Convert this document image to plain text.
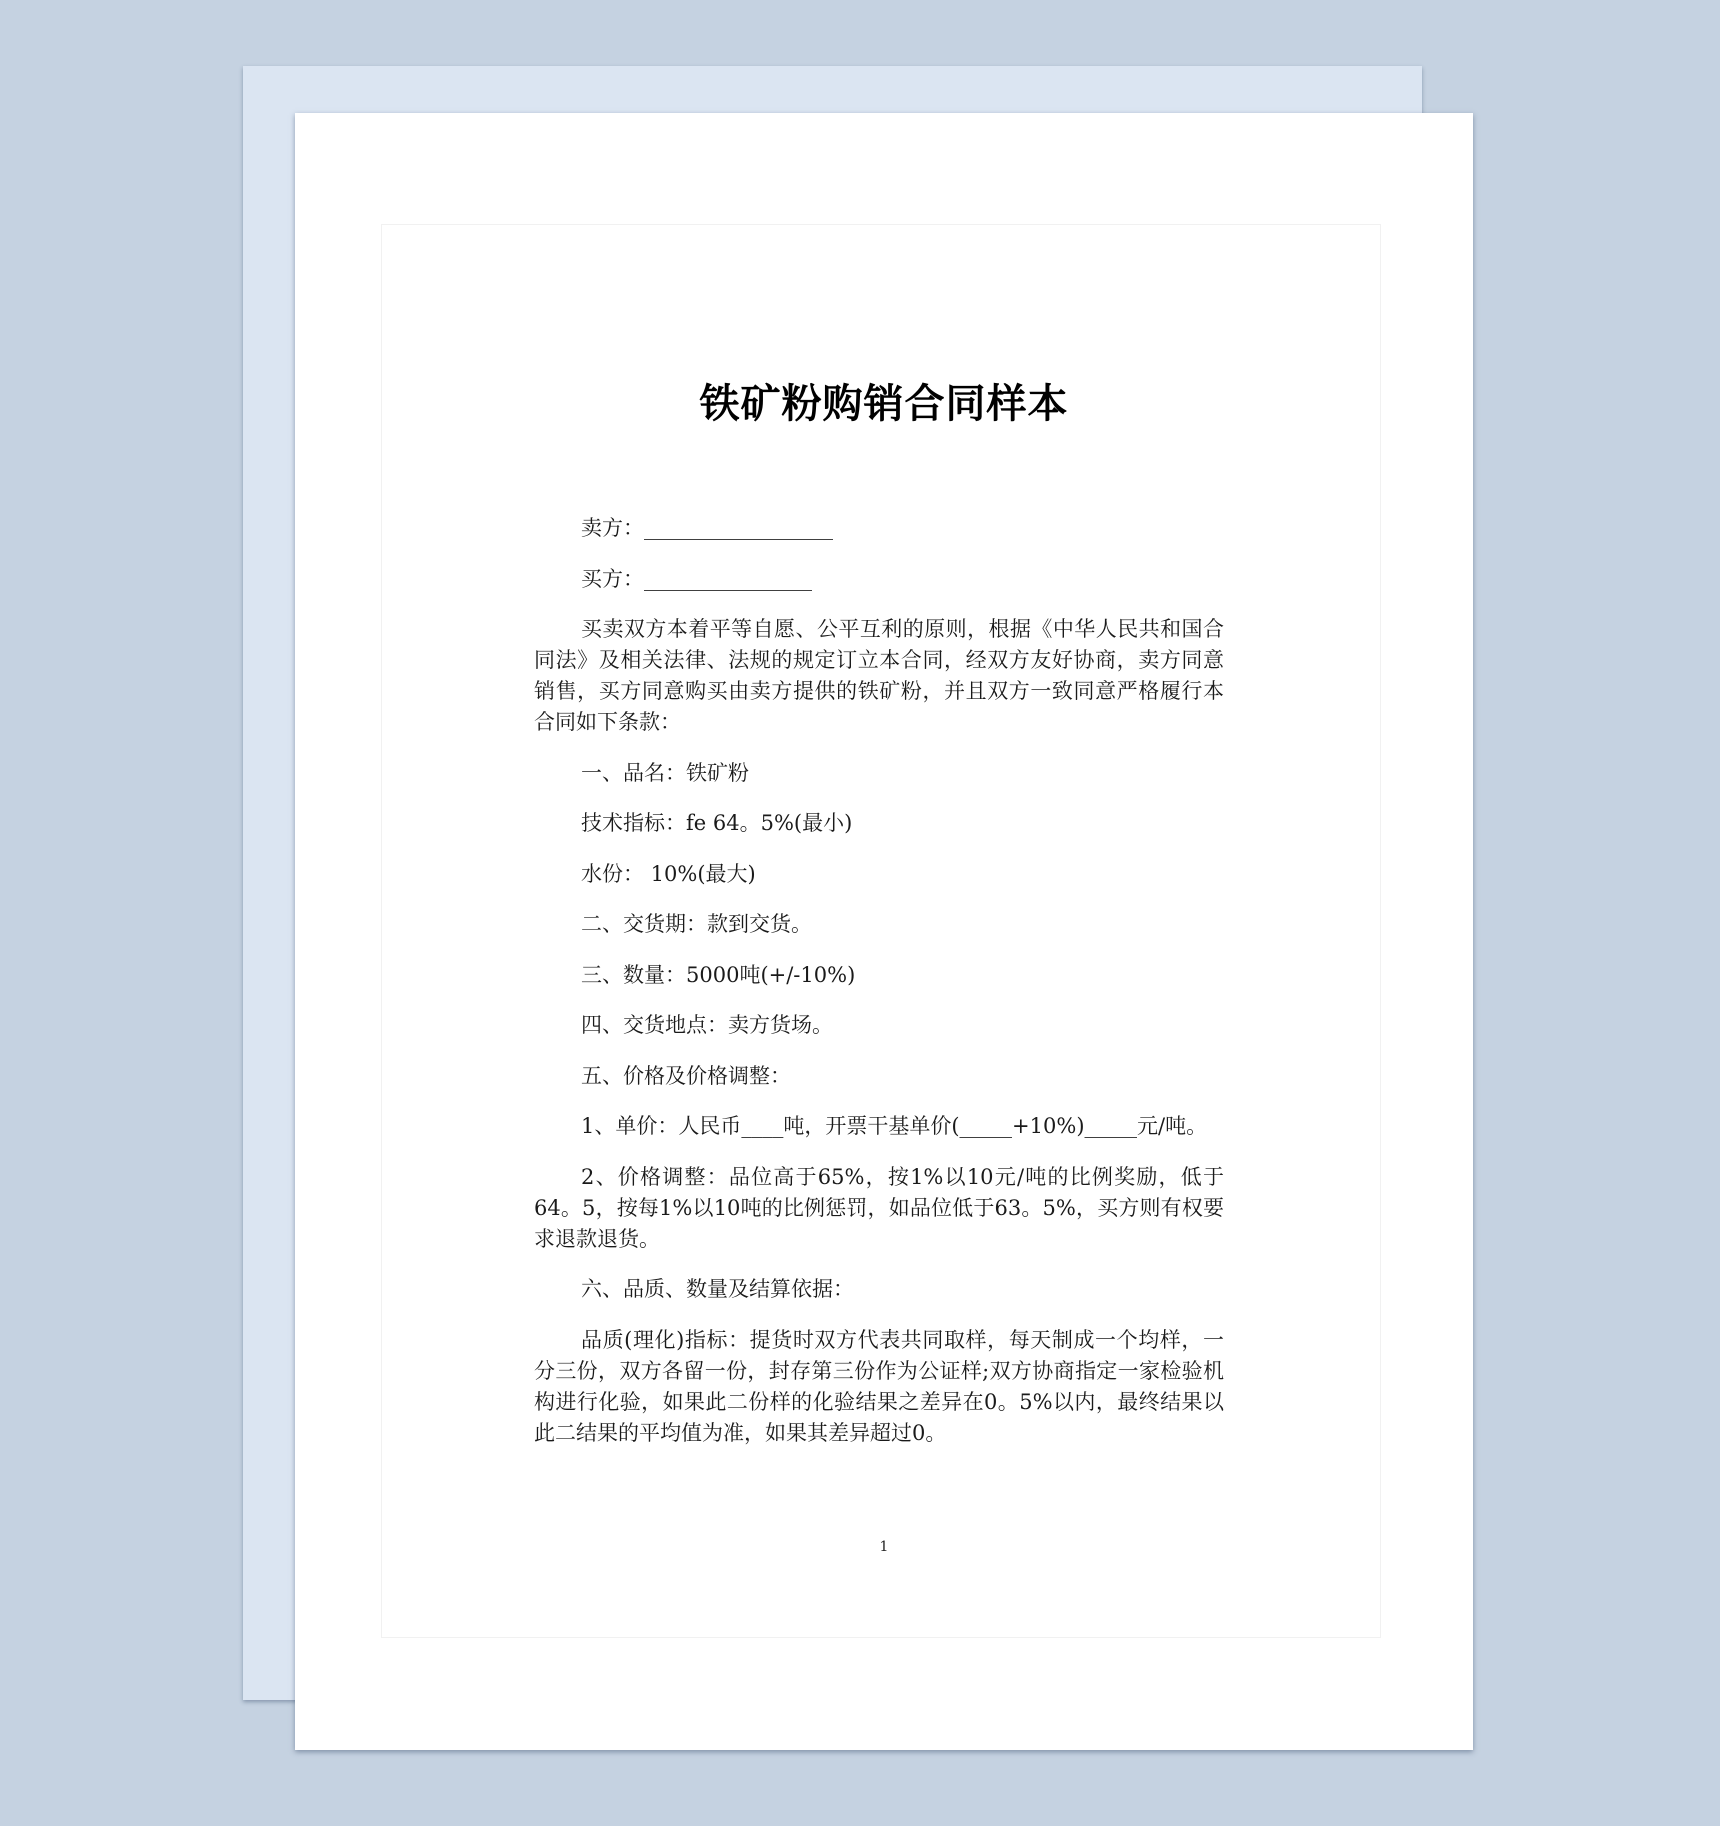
铁矿粉购销合同样本

卖方：__________________

买方：________________

买卖双方本着平等自愿、公平互利的原则，根据《中华人民共和国合同法》及相关法律、法规的规定订立本合同，经双方友好协商，卖方同意销售，买方同意购买由卖方提供的铁矿粉，并且双方一致同意严格履行本合同如下条款：

一、品名：铁矿粉

技术指标：fe 64。5%(最小)

水份： 10%(最大)

二、交货期：款到交货。

三、数量：5000吨(+/-10%)

四、交货地点：卖方货场。

五、价格及价格调整：

1、单价：人民币____吨，开票干基单价(_____+10%)_____元/吨。

2、价格调整：品位高于65%，按1%以10元/吨的比例奖励，低于64。5，按每1%以10吨的比例惩罚，如品位低于63。5%，买方则有权要求退款退货。

六、品质、数量及结算依据：

品质(理化)指标：提货时双方代表共同取样，每天制成一个均样，一分三份，双方各留一份，封存第三份作为公证样;双方协商指定一家检验机构进行化验，如果此二份样的化验结果之差异在0。5%以内，最终结果以此二结果的平均值为准，如果其差异超过0。

1
